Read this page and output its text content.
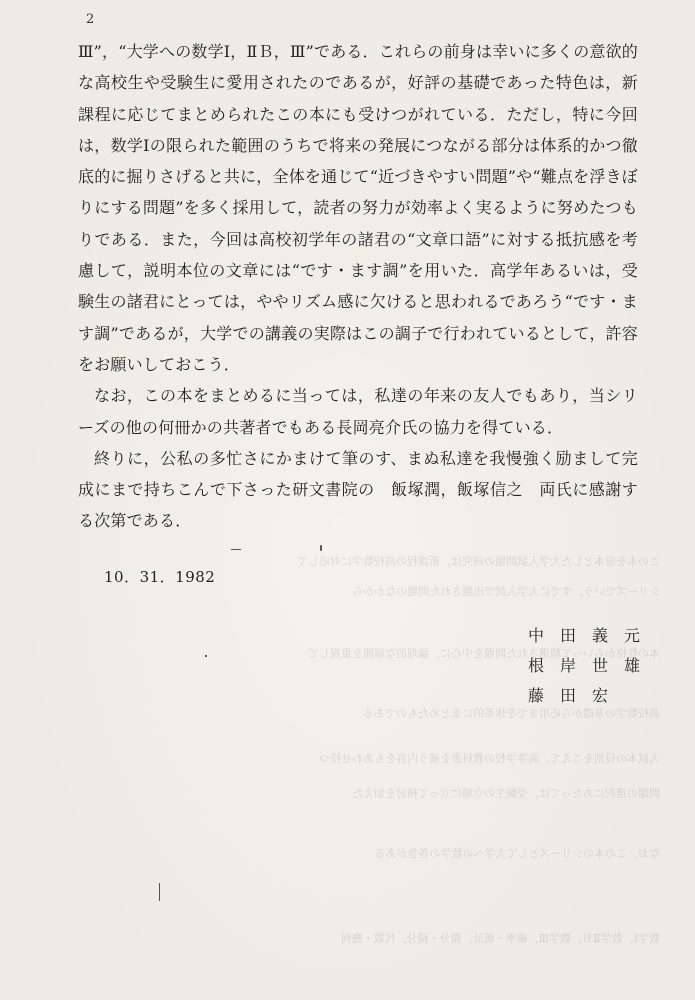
この本を原本とした大学入試問題の研究は，新課程の高校数学に対応して
シリーズでいう，すでに大学入試で出題された問題のなかから
本の性格からいって精選された問題を中心に，論理的な展開を重視して
高校数学の基礎から応用までを体系的にまとめたものである
入試本の役割をこえて，高等学校の教科書を補う内容をもあわせ持つ
問題の選択にあたっては，受験生の立場に立って検討を加えた
なお，この本のシリーズとして大学への数学の各巻がある
数学Ⅰ，数学ⅡＢ，数学Ⅲ，確率・統計，微分・積分，代数・幾何
2

Ⅲ”，“大学への数学Ⅰ，ⅡＢ，Ⅲ”である．これらの前身は幸いに多くの意欲的な高校生や受験生に愛用されたのであるが，好評の基礎であった特色は，新課程に応じてまとめられたこの本にも受けつがれている．ただし，特に今回は，数学Ⅰの限られた範囲のうちで将来の発展につながる部分は体系的かつ徹底的に掘りさげると共に，全体を通じて“近づきやすい問題”や“難点を浮きぼりにする問題”を多く採用して，読者の努力が効率よく実るように努めたつもりである．また，今回は高校初学年の諸君の“文章口語”に対する抵抗感を考慮して，説明本位の文章には“です・ます調”を用いた．高学年あるいは，受験生の諸君にとっては，ややリズム感に欠けると思われるであろう“です・ます調”であるが，大学での講義の実際はこの調子で行われているとして，許容をお願いしておこう．

なお，この本をまとめるに当っては，私達の年来の友人でもあり，当シリーズの他の何冊かの共著者でもある長岡亮介氏の協力を得ている．

終りに，公私の多忙さにかまけて筆のす、まぬ私達を我慢強く励まして完成にまで持ちこんで下さった研文書院の　飯塚潤，飯塚信之　両氏に感謝する次第である．

10．31．1982

中田義元

根岸世雄

藤田宏
